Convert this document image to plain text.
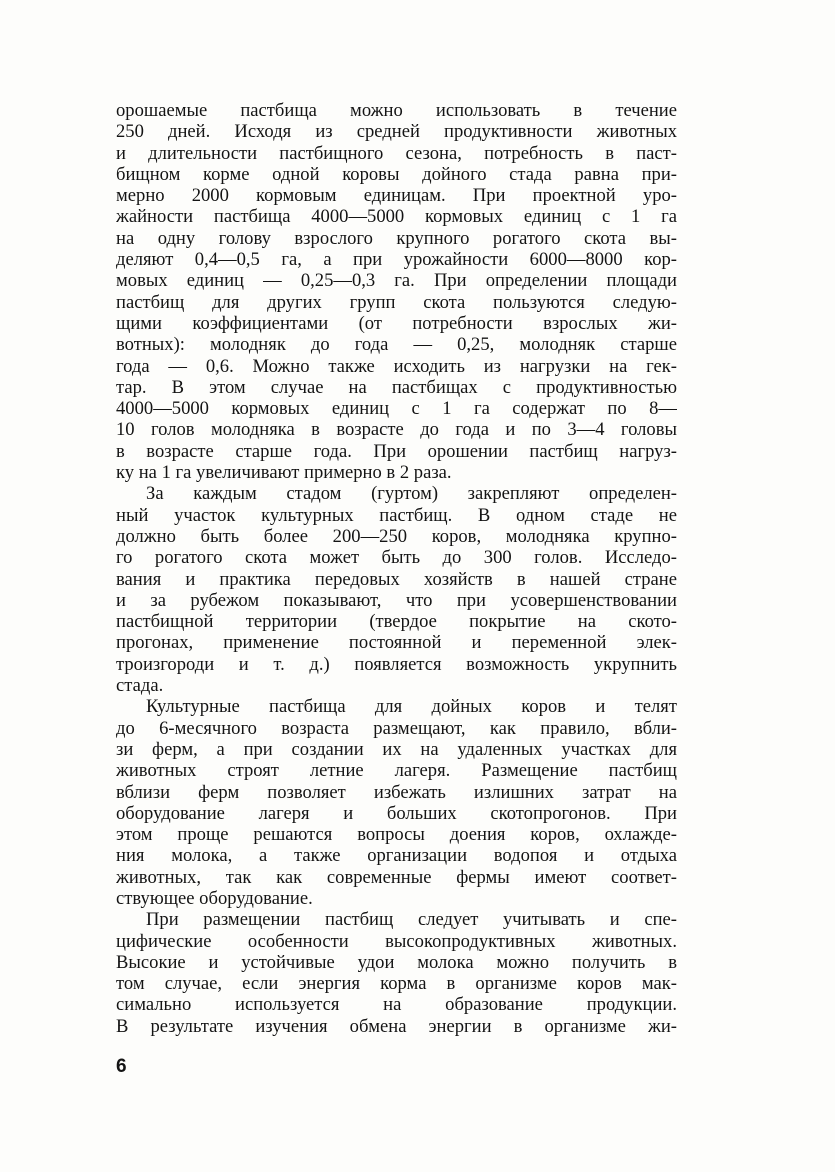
орошаемые пастбища можно использовать в течение
250 дней. Исходя из средней продуктивности животных
и длительности пастбищного сезона, потребность в паст-
бищном корме одной коровы дойного стада равна при-
мерно 2000 кормовым единицам. При проектной уро-
жайности пастбища 4000—5000 кормовых единиц с 1 га
на одну голову взрослого крупного рогатого скота вы-
деляют 0,4—0,5 га, а при урожайности 6000—8000 кор-
мовых единиц — 0,25—0,3 га. При определении площади
пастбищ для других групп скота пользуются следую-
щими коэффициентами (от потребности взрослых жи-
вотных): молодняк до года — 0,25, молодняк старше
года — 0,6. Можно также исходить из нагрузки на гек-
тар. В этом случае на пастбищах с продуктивностью
4000—5000 кормовых единиц с 1 га содержат по 8—
10 голов молодняка в возрасте до года и по 3—4 головы
в возрасте старше года. При орошении пастбищ нагруз-
ку на 1 га увеличивают примерно в 2 раза.
За каждым стадом (гуртом) закрепляют определен-
ный участок культурных пастбищ. В одном стаде не
должно быть более 200—250 коров, молодняка крупно-
го рогатого скота может быть до 300 голов. Исследо-
вания и практика передовых хозяйств в нашей стране
и за рубежом показывают, что при усовершенствовании
пастбищной территории (твердое покрытие на ското-
прогонах, применение постоянной и переменной элек-
троизгороди и т. д.) появляется возможность укрупнить
стада.
Культурные пастбища для дойных коров и телят
до 6-месячного возраста размещают, как правило, вбли-
зи ферм, а при создании их на удаленных участках для
животных строят летние лагеря. Размещение пастбищ
вблизи ферм позволяет избежать излишних затрат на
оборудование лагеря и больших скотопрогонов. При
этом проще решаются вопросы доения коров, охлажде-
ния молока, а также организации водопоя и отдыха
животных, так как современные фермы имеют соответ-
ствующее оборудование.
При размещении пастбищ следует учитывать и спе-
цифические особенности высокопродуктивных животных.
Высокие и устойчивые удои молока можно получить в
том случае, если энергия корма в организме коров мак-
симально используется на образование продукции.
В результате изучения обмена энергии в организме жи-
6
